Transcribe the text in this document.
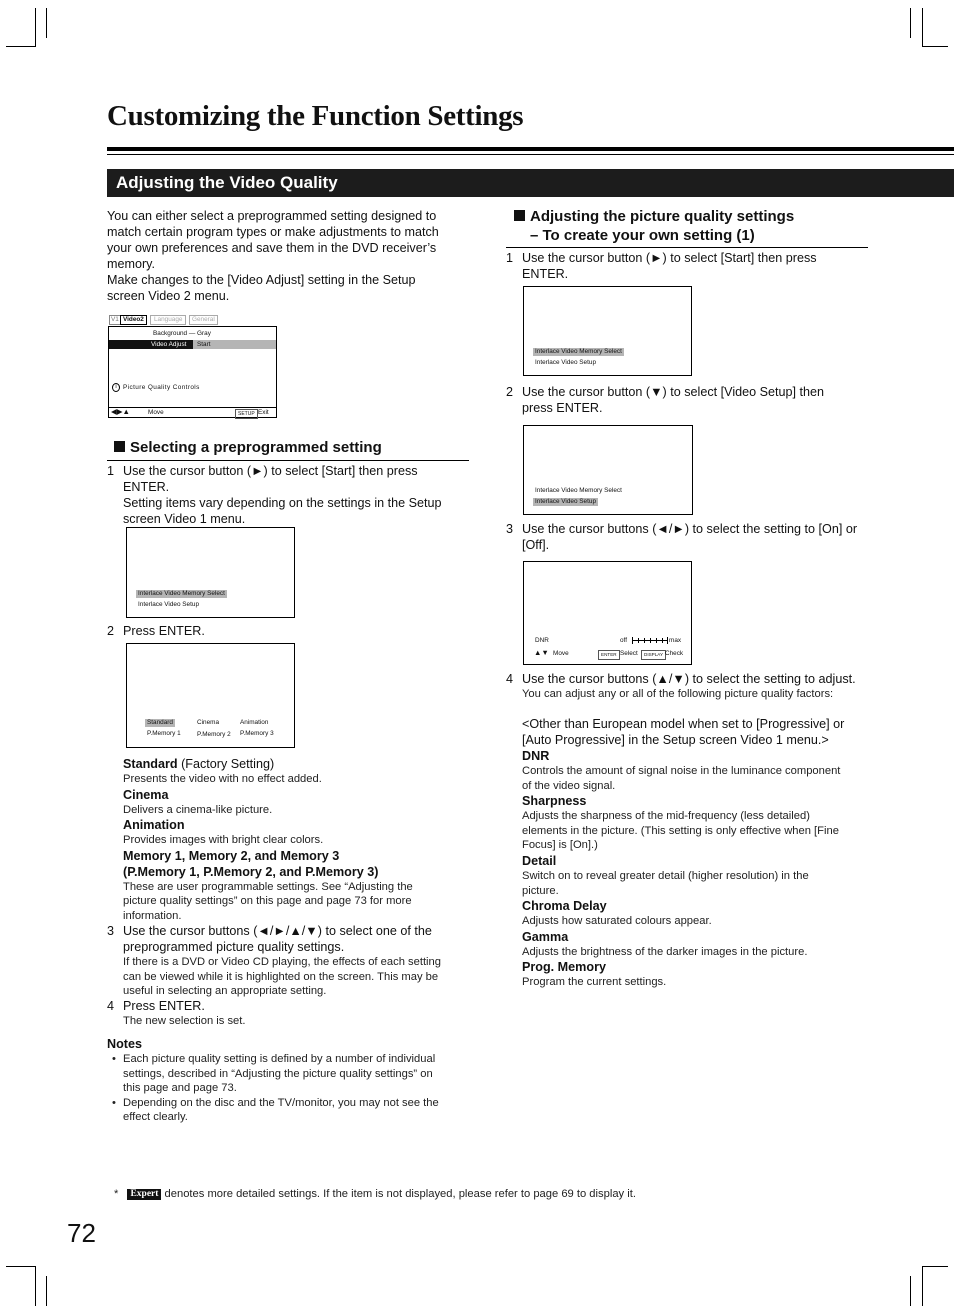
Customizing the Function Settings
Adjusting the Video Quality

You can either select a preprogrammed setting designed to

match certain program types or make adjustments to match

your own preferences and save them in the DVD receiver’s

memory.

Make changes to the [Video Adjust] setting in the Setup

screen Video 2 menu.

V1 Video2	Language	General
Background — Gray
Video Adjust Start
i Picture Quality Controls
◀▶▲	Move	SETUP Exit
Selecting a preprogrammed setting
1 Use the cursor button (►) to select [Start] then press

ENTER.

Setting items vary depending on the settings in the Setup

screen Video 1 menu.

Interlace Video Memory Select
Interlace Video Setup
2 Press ENTER.
Standard	Cinema	Animation
P.Memory 1	P.Memory 2 P.Memory 3

Standard (Factory Setting)

Presents the video with no effect added.

Cinema

Delivers a cinema-like picture.

Animation

Provides images with bright clear colors.

Memory 1, Memory 2, and Memory 3

(P.Memory 1, P.Memory 2, and P.Memory 3)

These are user programmable settings. See “Adjusting the

picture quality settings” on this page and page 73 for more

information.

3 Use the cursor buttons (◄/►/▲/▼) to select one of the

preprogrammed picture quality settings.

If there is a DVD or Video CD playing, the effects of each setting

can be viewed while it is highlighted on the screen. This may be

useful in selecting an appropriate setting.

4 Press ENTER.

The new selection is set.

Notes

• Each picture quality setting is defined by a number of individual

settings, described in “Adjusting the picture quality settings” on

this page and page 73.

• Depending on the disc and the TV/monitor, you may not see the

effect clearly.

Adjusting the picture quality settings

– To create your own setting (1)

1 Use the cursor button (►) to select [Start] then press

ENTER.

Interlace Video Memory Select
Interlace Video Setup
2 Use the cursor button (▼) to select [Video Setup] then

press ENTER.

Interlace Video Memory Select
Interlace Video Setup
3 Use the cursor buttons (◄/►) to select the setting to [On] or

[Off].

DNR	off	max
▲▼ Move	ENTER Select	DISPLAY Check
4 Use the cursor buttons (▲/▼) to select the setting to adjust.

You can adjust any or all of the following picture quality factors:

<Other than European model when set to [Progressive] or

[Auto Progressive] in the Setup screen Video 1 menu.>

DNR

Controls the amount of signal noise in the luminance component

of the video signal.

Sharpness

Adjusts the sharpness of the mid-frequency (less detailed)

elements in the picture. (This setting is only effective when [Fine

Focus] is [On].)

Detail

Switch on to reveal greater detail (higher resolution) in the

picture.

Chroma Delay

Adjusts how saturated colours appear.

Gamma

Adjusts the brightness of the darker images in the picture.

Prog. Memory

Program the current settings.

* Expert denotes more detailed settings. If the item is not displayed, please refer to page 69 to display it.
72
